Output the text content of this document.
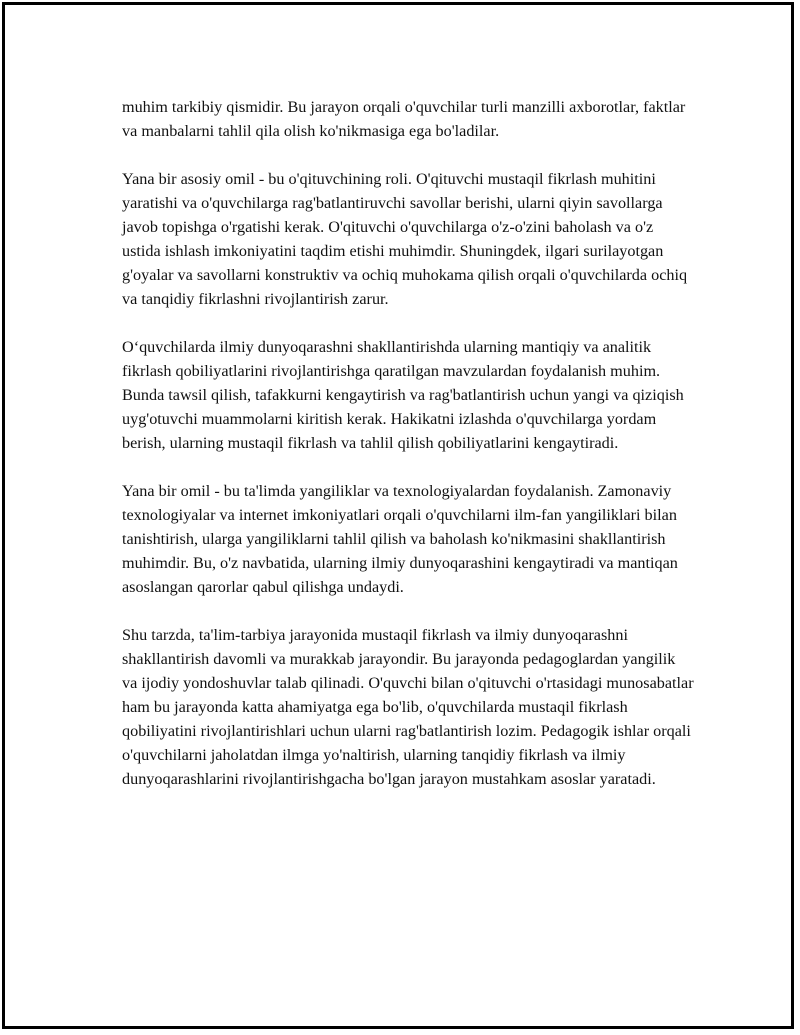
muhim tarkibiy qismidir. Bu jarayon orqali o'quvchilar turli manzilli axborotlar, faktlar va manbalarni tahlil qila olish ko'nikmasiga ega bo'ladilar.

Yana bir asosiy omil - bu o'qituvchining roli. O'qituvchi mustaqil fikrlash muhitini yaratishi va o'quvchilarga rag'batlantiruvchi savollar berishi, ularni qiyin savollarga javob topishga o'rgatishi kerak. O'qituvchi o'quvchilarga o'z-o'zini baholash va o'z ustida ishlash imkoniyatini taqdim etishi muhimdir. Shuningdek, ilgari surilayotgan g'oyalar va savollarni konstruktiv va ochiq muhokama qilish orqali o'quvchilarda ochiq va tanqidiy fikrlashni rivojlantirish zarur.

O‘quvchilarda ilmiy dunyoqarashni shakllantirishda ularning mantiqiy va analitik fikrlash qobiliyatlarini rivojlantirishga qaratilgan mavzulardan foydalanish muhim. Bunda tawsil qilish, tafakkurni kengaytirish va rag'batlantirish uchun yangi va qiziqish uyg'otuvchi muammolarni kiritish kerak. Hakikatni izlashda o'quvchilarga yordam berish, ularning mustaqil fikrlash va tahlil qilish qobiliyatlarini kengaytiradi.

Yana bir omil - bu ta'limda yangiliklar va texnologiyalardan foydalanish. Zamonaviy texnologiyalar va internet imkoniyatlari orqali o'quvchilarni ilm-fan yangiliklari bilan tanishtirish, ularga yangiliklarni tahlil qilish va baholash ko'nikmasini shakllantirish muhimdir. Bu, o'z navbatida, ularning ilmiy dunyoqarashini kengaytiradi va mantiqan asoslangan qarorlar qabul qilishga undaydi.

Shu tarzda, ta'lim-tarbiya jarayonida mustaqil fikrlash va ilmiy dunyoqarashni shakllantirish davomli va murakkab jarayondir. Bu jarayonda pedagoglardan yangilik va ijodiy yondoshuvlar talab qilinadi. O'quvchi bilan o'qituvchi o'rtasidagi munosabatlar ham bu jarayonda katta ahamiyatga ega bo'lib, o'quvchilarda mustaqil fikrlash qobiliyatini rivojlantirishlari uchun ularni rag'batlantirish lozim. Pedagogik ishlar orqali o'quvchilarni jaholatdan ilmga yo'naltirish, ularning tanqidiy fikrlash va ilmiy dunyoqarashlarini rivojlantirishgacha bo'lgan jarayon mustahkam asoslar yaratadi.
